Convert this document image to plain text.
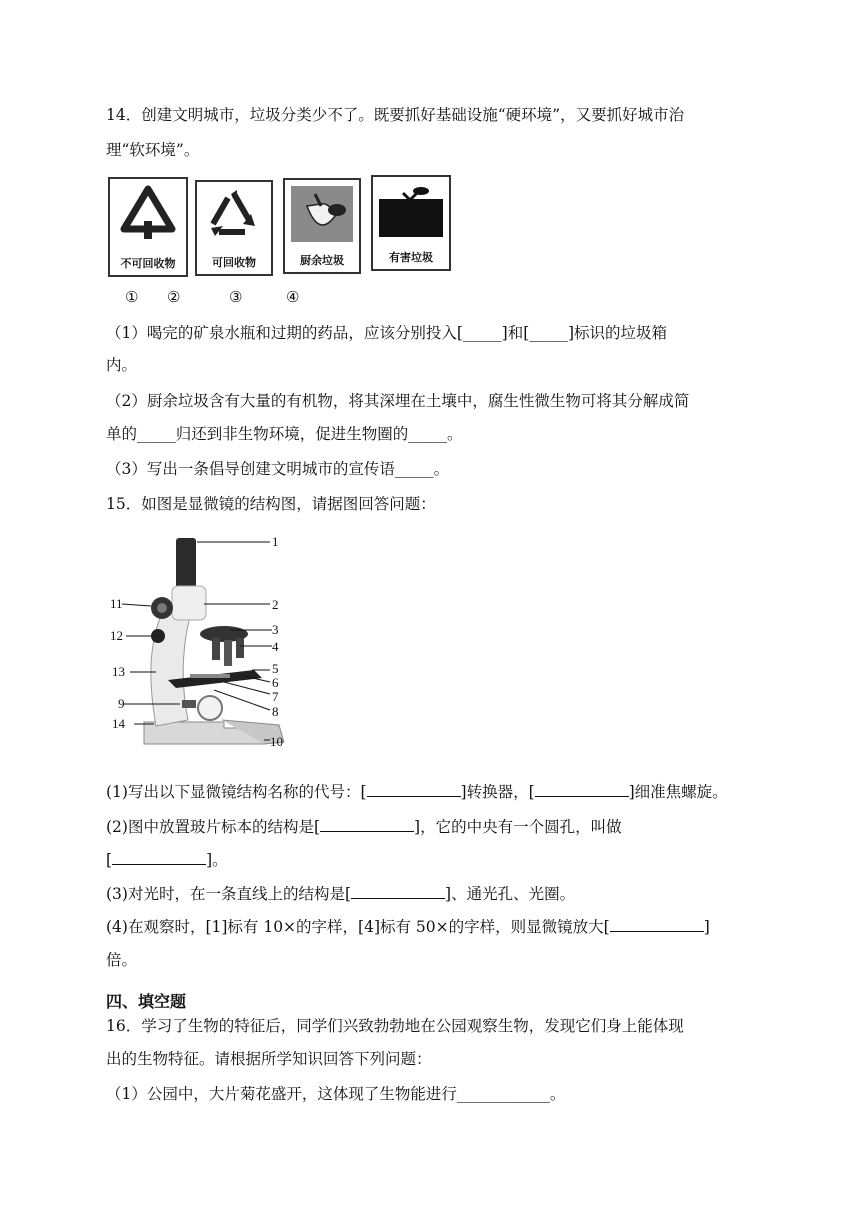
14．创建文明城市，垃圾分类少不了。既要抓好基础设施“硬环境”，又要抓好城市治
理“软环境”。
不可回收物	可回收物	厨余垃圾	有害垃圾
① ②	③	④
（1）喝完的矿泉水瓶和过期的药品，应该分别投入[_____]和[_____]标识的垃圾箱
内。
（2）厨余垃圾含有大量的有机物，将其深埋在土壤中，腐生性微生物可将其分解成简
单的_____归还到非生物环境，促进生物圈的_____。
（3）写出一条倡导创建文明城市的宣传语_____。
15．如图是显微镜的结构图，请据图回答问题：
1
2
3
4
5
6
7
8
9
10
11
12
13
14
(1)写出以下显微镜结构名称的代号：[	]转换器，[	]细准焦螺旋。
(2)图中放置玻片标本的结构是[	]，它的中央有一个圆孔，叫做
[	]。
(3)对光时，在一条直线上的结构是[	]、通光孔、光圈。
(4)在观察时，[1]标有 10×的字样，[4]标有 50×的字样，则显微镜放大[	]
倍。
四、填空题
16．学习了生物的特征后，同学们兴致勃勃地在公园观察生物，发现它们身上能体现
出的生物特征。请根据所学知识回答下列问题：
（1）公园中，大片菊花盛开，这体现了生物能进行____________。
